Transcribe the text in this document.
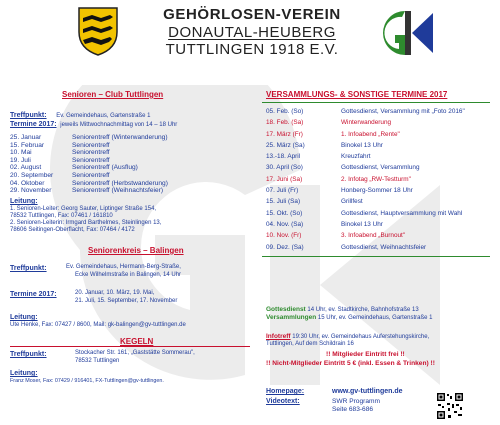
GEHÖRLOSEN-VEREIN
DONAUTAL-HEUBERG
TUTTLINGEN 1918 E.V.
Senioren – Club Tuttlingen
Treffpunkt: Ev. Gemeindehaus, Gartenstraße 1
Termine 2017: jeweils Mittwochnachmittag von 14 – 18 Uhr
25. Januar	Seniorentreff (Winterwanderung)
15. Februar	Seniorentreff
10. Mai	Seniorentreff
19. Juli	Seniorentreff
02. August	Seniorentreff (Ausflug)
20. September	Seniorentreff
04. Oktober	Seniorentreff (Herbstwanderung)
29. November	Seniorentreff (Weihnachtsfeier)
Leitung:
1. Senioren-Leiter: Georg Sauter, Liptinger Straße 154,
78532 Tuttlingen, Fax: 07461 / 161810
2. Senioren-Leiterin: Irmgard Barthelmes, Steinlingen 13,
78606 Seitingen-Oberflacht, Fax: 07464 / 4172
Seniorenkreis – Balingen
Treffpunkt:	Ev. Gemeindehaus, Hermann-Berg-Straße,
Ecke Wilhelmstraße in Balingen, 14 Uhr
Termine 2017:	20. Januar, 10. März, 19. Mai,
21. Juli, 15. September, 17. November
Leitung:
Ute Henke, Fax: 07427 / 8600, Mail: gk-balingen@gv-tuttlingen.de
KEGELN
Treffpunkt:	Stockacher Str. 161, „Gaststätte Sommerau",
78532 Tuttlingen
Leitung:
Franz Moser, Fax: 07429 / 916401, FX-Tuttlingen@gv-tuttlingen.
VERSAMMLUNGS- & SONSTIGE TERMINE 2017
05. Feb. (So)	Gottesdienst, Versammlung mit „Foto 2016"
18. Feb. (Sa)	Winterwanderung
17. März (Fr)	1. Infoabend „Rente"
25. März (Sa)	Binokel 13 Uhr
13.-18. April	Kreuzfahrt
30. April (So)	Gottesdienst, Versammlung
17. Juni (Sa)	2. Infotag „RW-Testturm"
07. Juli (Fr)	Honberg-Sommer 18 Uhr
15. Juli (Sa)	Grillfest
15. Okt. (So)	Gottesdienst, Hauptversammlung mit Wahl
04. Nov. (Sa)	Binokel 13 Uhr
10. Nov. (Fr)	3. Infoabend „Burnout"
09. Dez. (Sa)	Gottesdienst, Weihnachtsfeier
Gottesdienst 14 Uhr, ev. Stadtkirche, Bahnhofstraße 13
Versammlungen 15 Uhr, ev. Gemeindehaus, Gartenstraße 1
Infotreff 19:30 Uhr, ev. Gemeindehaus Auferstehungskirche,
Tuttlingen, Auf dem Schildrain 16
!! Mitglieder Eintritt frei !!
!! Nicht-Mitglieder Eintritt 5 € (inkl. Essen & Trinken) !!
Homepage:	www.gv-tuttlingen.de
Videotext:	SWR Programm
Seite 683-686
